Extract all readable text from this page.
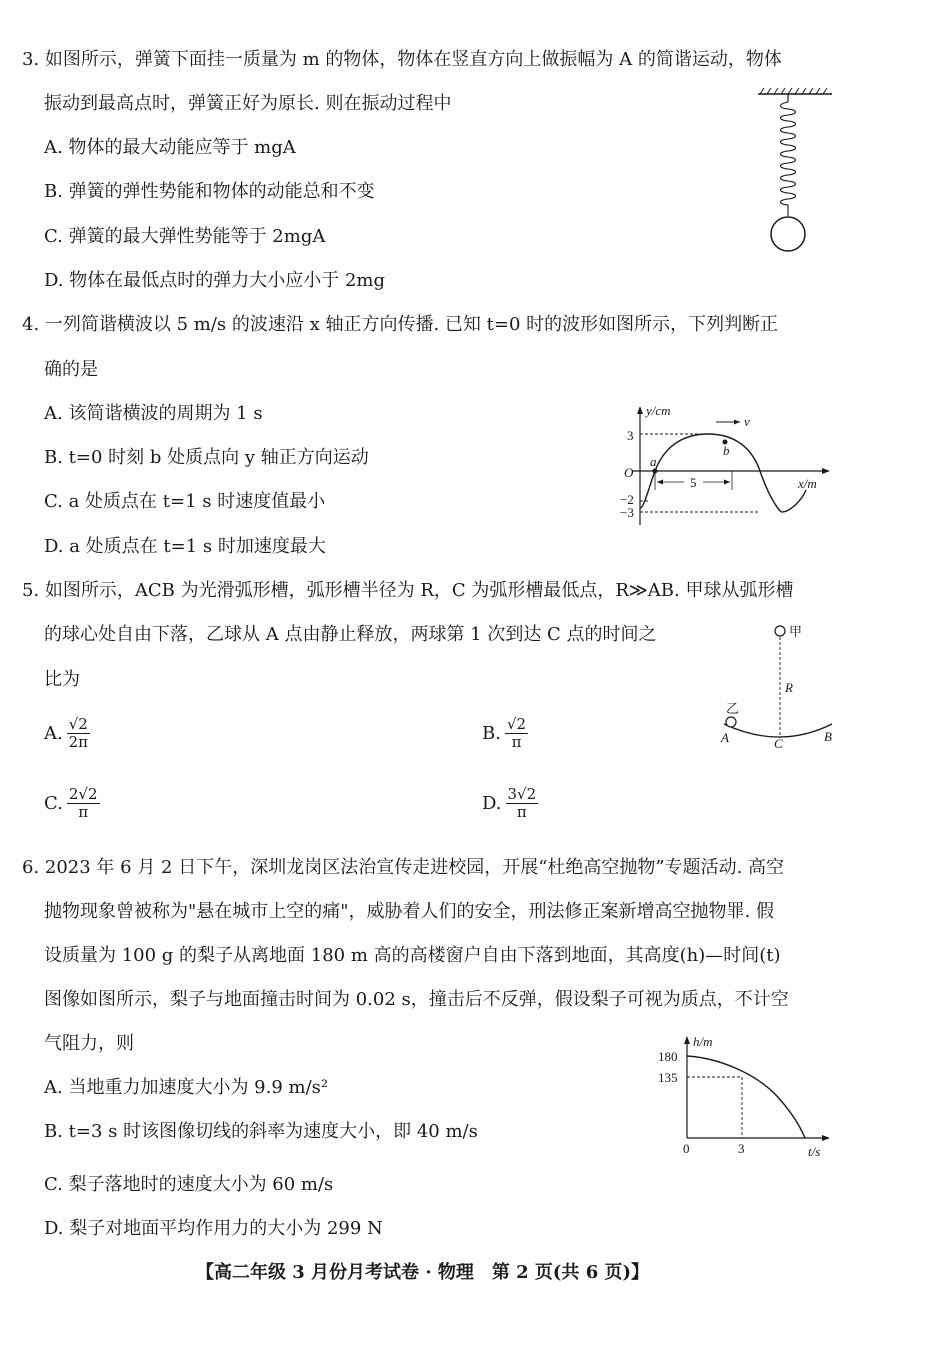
3. 如图所示，弹簧下面挂一质量为 m 的物体，物体在竖直方向上做振幅为 A 的简谐运动，物体
振动到最高点时，弹簧正好为原长. 则在振动过程中
A. 物体的最大动能应等于 mgA
B. 弹簧的弹性势能和物体的动能总和不变
C. 弹簧的最大弹性势能等于 2mgA
D. 物体在最低点时的弹力大小应小于 2mg
4. 一列简谐横波以 5 m/s 的波速沿 x 轴正方向传播. 已知 t=0 时的波形如图所示，下列判断正
确的是
A. 该简谐横波的周期为 1 s
B. t=0 时刻 b 处质点向 y 轴正方向运动
C. a 处质点在 t=1 s 时速度值最小
D. a 处质点在 t=1 s 时加速度最大
y/cm
x/m
O
3
−2
−3
a
b
5
v
5. 如图所示，ACB 为光滑弧形槽，弧形槽半径为 R，C 为弧形槽最低点，R≫AB. 甲球从弧形槽
的球心处自由下落，乙球从 A 点由静止释放，两球第 1 次到达 C 点的时间之
比为
A. $\frac{√2}{2\pi}$	B. $\frac{√2}{\pi}$
C. $\frac{2√2}{\pi}$	D. $\frac{3√2}{\pi}$
甲
R
乙
A	C	B
6. 2023 年 6 月 2 日下午，深圳龙岗区法治宣传走进校园，开展“杜绝高空抛物”专题活动. 高空
抛物现象曾被称为"悬在城市上空的痛"，威胁着人们的安全，刑法修正案新增高空抛物罪. 假
设质量为 100 g 的梨子从离地面 180 m 高的高楼窗户自由下落到地面，其高度(h)—时间(t)
图像如图所示，梨子与地面撞击时间为 0.02 s，撞击后不反弹，假设梨子可视为质点，不计空
气阻力，则
A. 当地重力加速度大小为 9.9 m/s²
B. t=3 s 时该图像切线的斜率为速度大小，即 40 m/s
C. 梨子落地时的速度大小为 60 m/s
D. 梨子对地面平均作用力的大小为 299 N
h/m
t/s
180
135
0	3
【高二年级 3 月份月考试卷 · 物理　第 2 页(共 6 页)】
